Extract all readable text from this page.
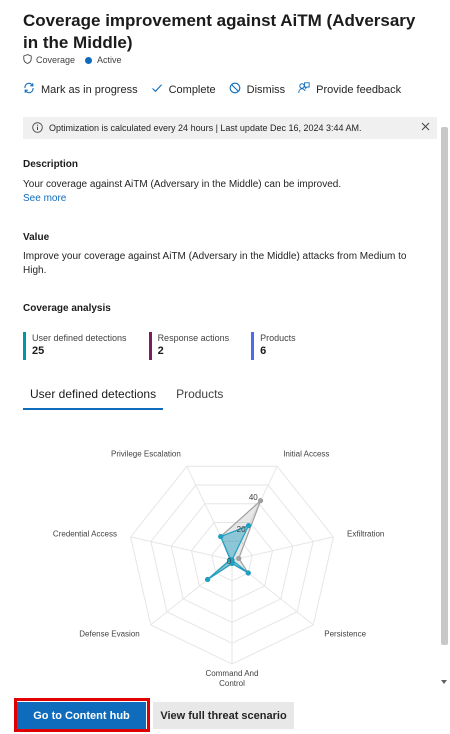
Coverage improvement against AiTM (Adversary in the Middle)
Coverage Active
Mark as in progress	Complete	Dismiss	Provide feedback
Optimization is calculated every 24 hours | Last update Dec 16, 2024 3:44 AM.
Description
Your coverage against AiTM (Adversary in the Middle) can be improved.
See more
Value
Improve your coverage against AiTM (Adversary in the Middle) attacks from Medium to High.
Coverage analysis
User defined detections
25
Response actions
2
Products
6
User defined detections	Products
0
20
40
Initial Access
Exfiltration
Persistence
Command And Control
Defense Evasion
Credential Access
Privilege Escalation
Go to Content hub	View full threat scenario
